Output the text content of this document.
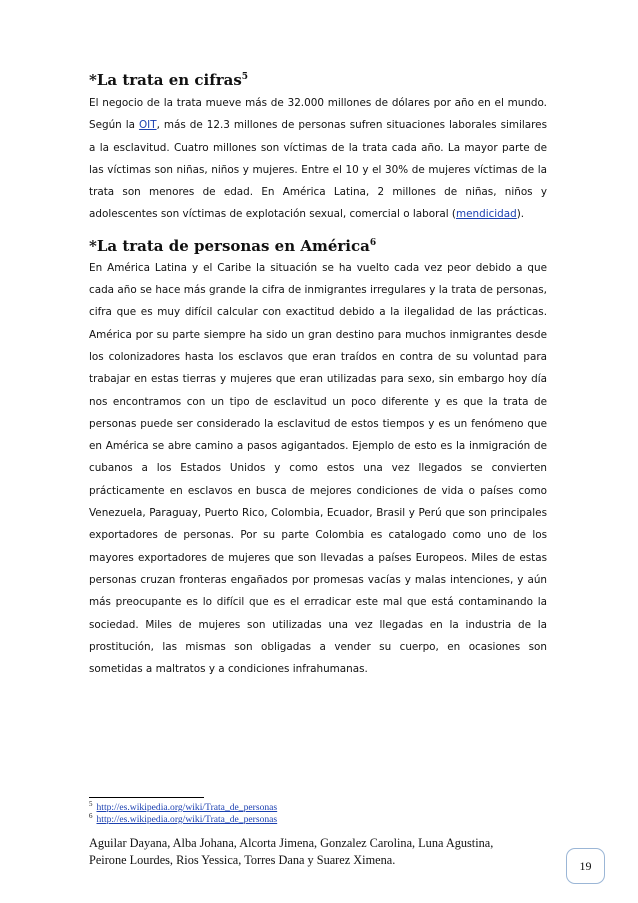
*La trata en cifras$^5$

El negocio de la trata mueve más de 32.000 millones de dólares por año en el mundo. Según la OIT, más de 12.3 millones de personas sufren situaciones laborales similares a la esclavitud. Cuatro millones son víctimas de la trata cada año. La mayor parte de las víctimas son niñas, niños y mujeres. Entre el 10 y el 30% de mujeres víctimas de la trata son menores de edad. En América Latina, 2 millones de niñas, niños y adolescentes son víctimas de explotación sexual, comercial o laboral (mendicidad).

*La trata de personas en América$^6$

En América Latina y el Caribe la situación se ha vuelto cada vez peor debido a que cada año se hace más grande la cifra de inmigrantes irregulares y la trata de personas, cifra que es muy difícil calcular con exactitud debido a la ilegalidad de las prácticas. América por su parte siempre ha sido un gran destino para muchos inmigrantes desde los colonizadores hasta los esclavos que eran traídos en contra de su voluntad para trabajar en estas tierras y mujeres que eran utilizadas para sexo, sin embargo hoy día nos encontramos con un tipo de esclavitud un poco diferente y es que la trata de personas puede ser considerado la esclavitud de estos tiempos y es un fenómeno que en América se abre camino a pasos agigantados. Ejemplo de esto es la inmigración de cubanos a los Estados Unidos y como estos una vez llegados se convierten prácticamente en esclavos en busca de mejores condiciones de vida o países como Venezuela, Paraguay, Puerto Rico, Colombia, Ecuador, Brasil y Perú que son principales exportadores de personas. Por su parte Colombia es catalogado como uno de los mayores exportadores de mujeres que son llevadas a países Europeos. Miles de estas personas cruzan fronteras engañados por promesas vacías y malas intenciones, y aún más preocupante es lo difícil que es el erradicar este mal que está contaminando la sociedad. Miles de mujeres son utilizadas una vez llegadas en la industria de la prostitución, las mismas son obligadas a vender su cuerpo, en ocasiones son sometidas a maltratos y a condiciones infrahumanas.

$^5$ http://es.wikipedia.org/wiki/Trata_de_personas
$^6$ http://es.wikipedia.org/wiki/Trata_de_personas
Aguilar Dayana, Alba Johana, Alcorta Jimena, Gonzalez Carolina, Luna Agustina,
Peirone Lourdes, Rios Yessica, Torres Dana y Suarez Ximena.	19
